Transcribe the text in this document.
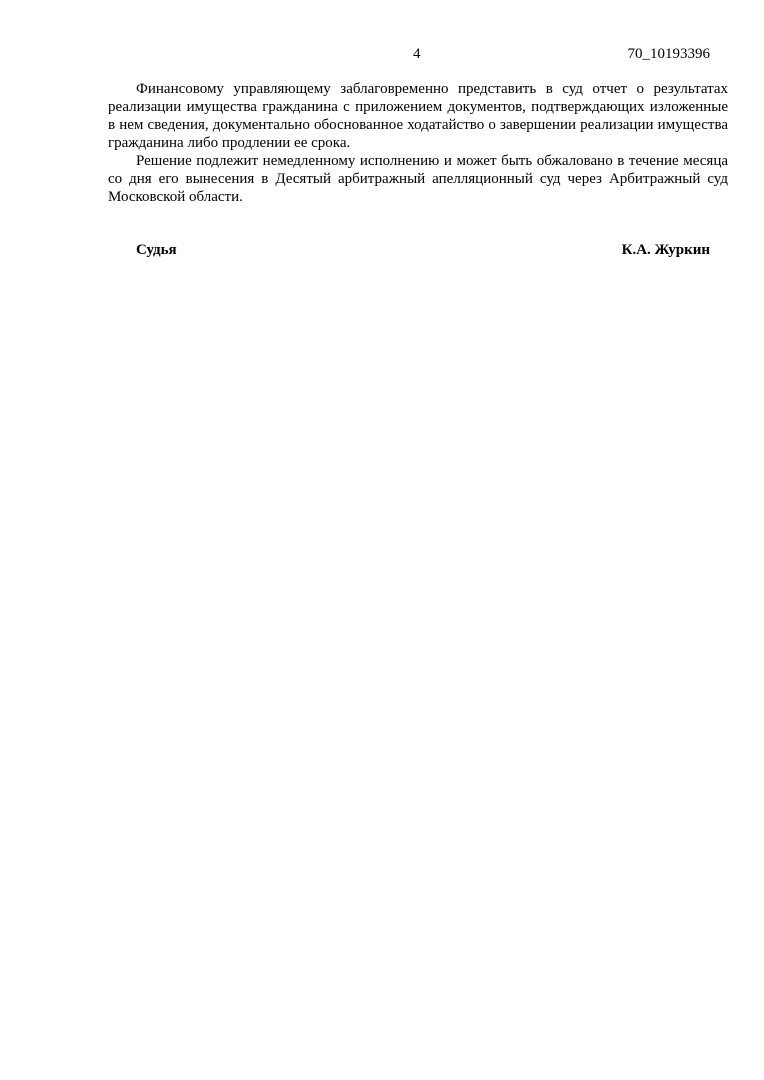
4	70_10193396

Финансовому управляющему заблаговременно представить в суд отчет о результатах реализации имущества гражданина с приложением документов, подтверждающих изложенные в нем сведения, документально обоснованное ходатайство о завершении реализации имущества гражданина либо продлении ее срока.

Решение подлежит немедленному исполнению и может быть обжаловано в течение месяца со дня его вынесения в Десятый арбитражный апелляционный суд через Арбитражный суд Московской области.

Судья	К.А. Журкин
